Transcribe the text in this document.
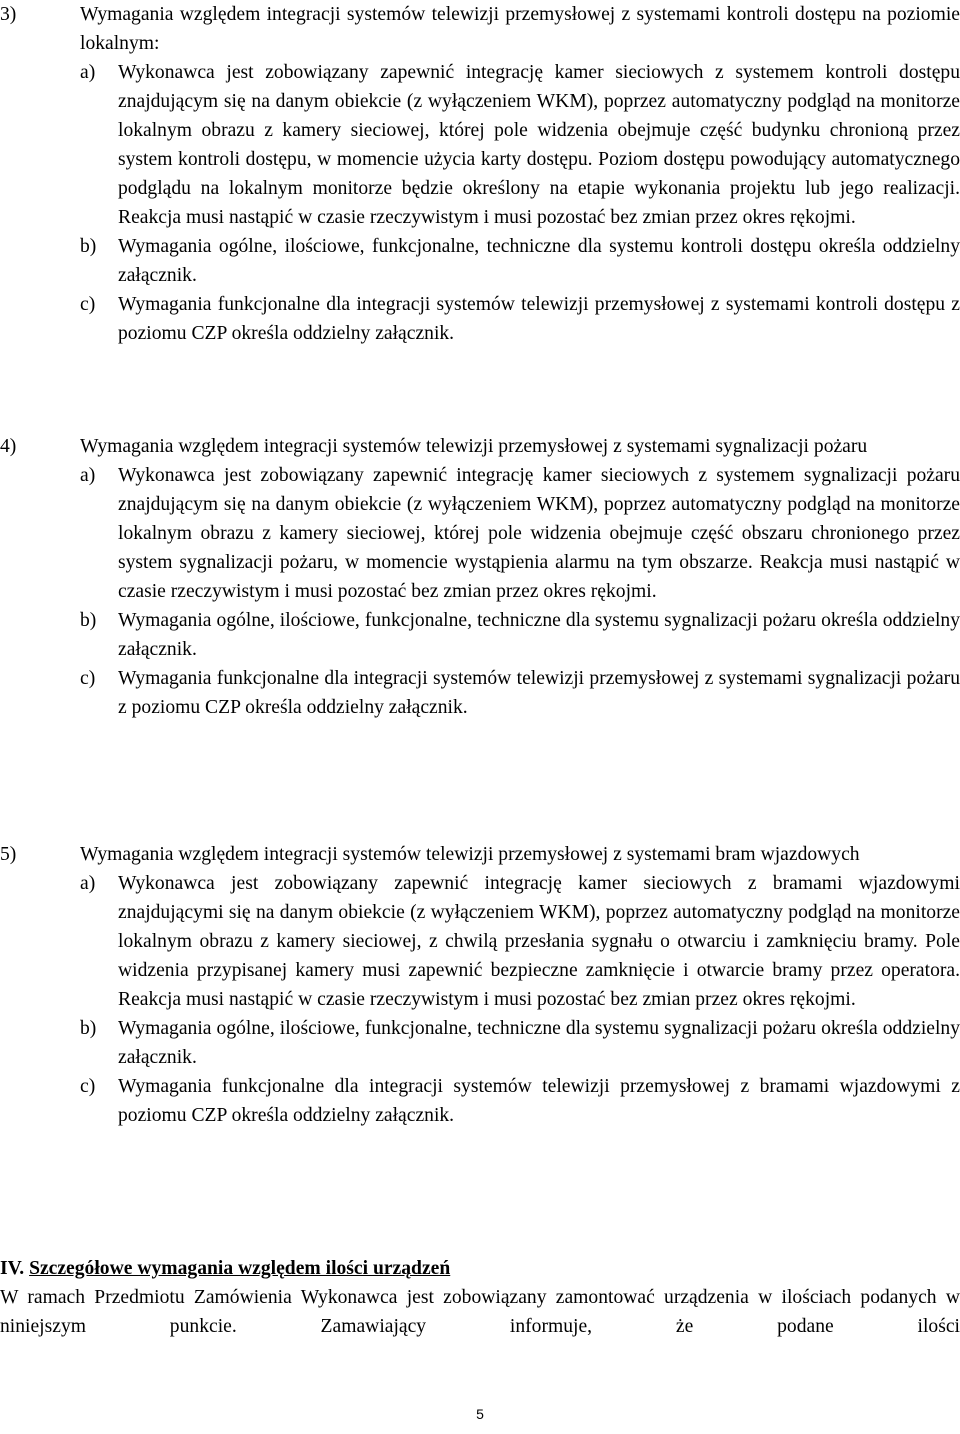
3)	Wymagania względem integracji systemów telewizji przemysłowej z systemami kontroli dostępu na poziomie lokalnym:
a) Wykonawca jest zobowiązany zapewnić integrację kamer sieciowych z systemem kontroli dostępu znajdującym się na danym obiekcie (z wyłączeniem WKM), poprzez automatyczny podgląd na monitorze lokalnym obrazu z kamery sieciowej, której pole widzenia obejmuje część budynku chronioną przez system kontroli dostępu, w momencie użycia karty dostępu. Poziom dostępu powodujący automatycznego podglądu na lokalnym monitorze będzie określony na etapie wykonania projektu lub jego realizacji. Reakcja musi nastąpić w czasie rzeczywistym i musi pozostać bez zmian przez okres rękojmi.
b) Wymagania ogólne, ilościowe, funkcjonalne, techniczne dla systemu kontroli dostępu określa oddzielny załącznik.
c) Wymagania funkcjonalne dla integracji systemów telewizji przemysłowej z systemami kontroli dostępu z poziomu CZP określa oddzielny załącznik.
4)	Wymagania względem integracji systemów telewizji przemysłowej z systemami sygnalizacji pożaru
a) Wykonawca jest zobowiązany zapewnić integrację kamer sieciowych z systemem sygnalizacji pożaru znajdującym się na danym obiekcie (z wyłączeniem WKM), poprzez automatyczny podgląd na monitorze lokalnym obrazu z kamery sieciowej, której pole widzenia obejmuje część obszaru chronionego przez system sygnalizacji pożaru, w momencie wystąpienia alarmu na tym obszarze. Reakcja musi nastąpić w czasie rzeczywistym i musi pozostać bez zmian przez okres rękojmi.
b) Wymagania ogólne, ilościowe, funkcjonalne, techniczne dla systemu sygnalizacji pożaru określa oddzielny załącznik.
c) Wymagania funkcjonalne dla integracji systemów telewizji przemysłowej z systemami sygnalizacji pożaru z poziomu CZP określa oddzielny załącznik.
5)	Wymagania względem integracji systemów telewizji przemysłowej z systemami bram wjazdowych
a) Wykonawca jest zobowiązany zapewnić integrację kamer sieciowych z bramami wjazdowymi znajdującymi się na danym obiekcie (z wyłączeniem WKM), poprzez automatyczny podgląd na monitorze lokalnym obrazu z kamery sieciowej, z chwilą przesłania sygnału o otwarciu i zamknięciu bramy. Pole widzenia przypisanej kamery musi zapewnić bezpieczne zamknięcie i otwarcie bramy przez operatora. Reakcja musi nastąpić w czasie rzeczywistym i musi pozostać bez zmian przez okres rękojmi.
b) Wymagania ogólne, ilościowe, funkcjonalne, techniczne dla systemu sygnalizacji pożaru określa oddzielny załącznik.
c) Wymagania funkcjonalne dla integracji systemów telewizji przemysłowej z bramami wjazdowymi z poziomu CZP określa oddzielny załącznik.
IV. Szczegółowe wymagania względem ilości urządzeń
W ramach Przedmiotu Zamówienia Wykonawca jest zobowiązany zamontować urządzenia w ilościach podanych w niniejszym punkcie. Zamawiający informuje, że podane ilości
5
